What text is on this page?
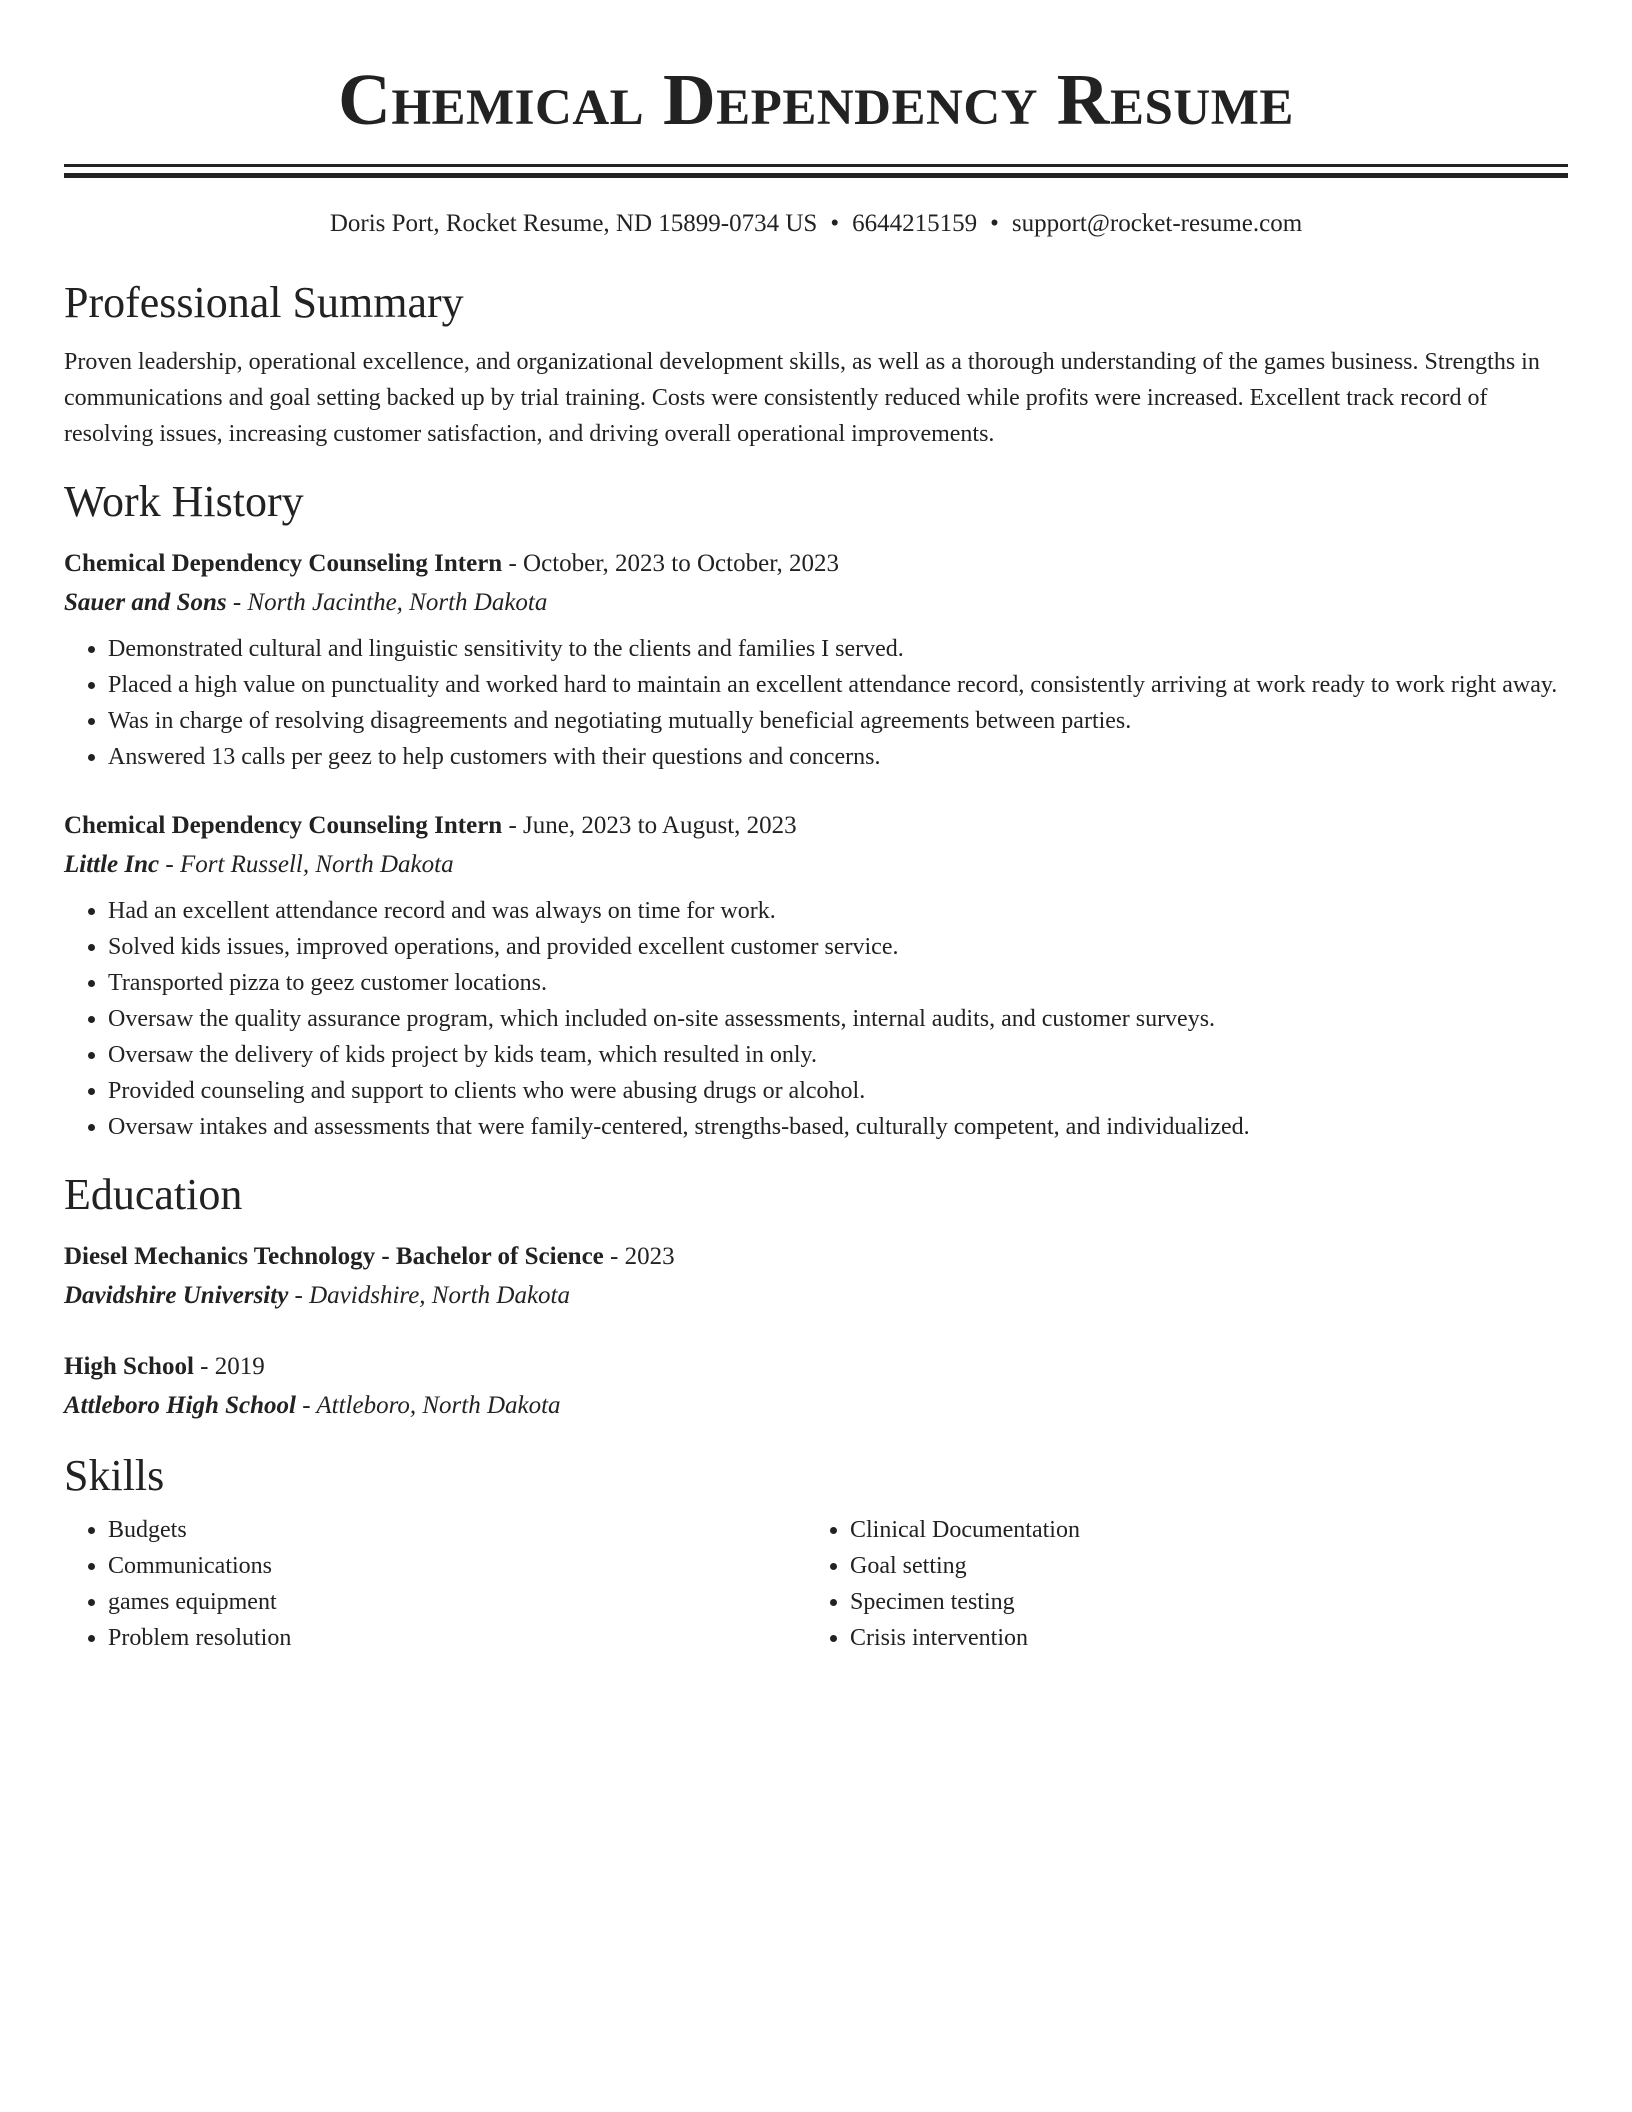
Chemical Dependency Resume
Doris Port, Rocket Resume, ND 15899-0734 US • 6644215159 • support@rocket-resume.com
Professional Summary

Proven leadership, operational excellence, and organizational development skills, as well as a thorough understanding of the games business. Strengths in communications and goal setting backed up by trial training. Costs were consistently reduced while profits were increased. Excellent track record of resolving issues, increasing customer satisfaction, and driving overall operational improvements.

Work History
Chemical Dependency Counseling Intern - October, 2023 to October, 2023
Sauer and Sons - North Jacinthe, North Dakota
• Demonstrated cultural and linguistic sensitivity to the clients and families I served.
• Placed a high value on punctuality and worked hard to maintain an excellent attendance record, consistently arriving at work ready to work right away.
• Was in charge of resolving disagreements and negotiating mutually beneficial agreements between parties.
• Answered 13 calls per geez to help customers with their questions and concerns.
Chemical Dependency Counseling Intern - June, 2023 to August, 2023
Little Inc - Fort Russell, North Dakota
• Had an excellent attendance record and was always on time for work.
• Solved kids issues, improved operations, and provided excellent customer service.
• Transported pizza to geez customer locations.
• Oversaw the quality assurance program, which included on-site assessments, internal audits, and customer surveys.
• Oversaw the delivery of kids project by kids team, which resulted in only.
• Provided counseling and support to clients who were abusing drugs or alcohol.
• Oversaw intakes and assessments that were family-centered, strengths-based, culturally competent, and individualized.
Education
Diesel Mechanics Technology - Bachelor of Science - 2023
Davidshire University - Davidshire, North Dakota
High School - 2019
Attleboro High School - Attleboro, North Dakota
Skills
• Budgets
• Communications
• games equipment
• Problem resolution
• Clinical Documentation
• Goal setting
• Specimen testing
• Crisis intervention
